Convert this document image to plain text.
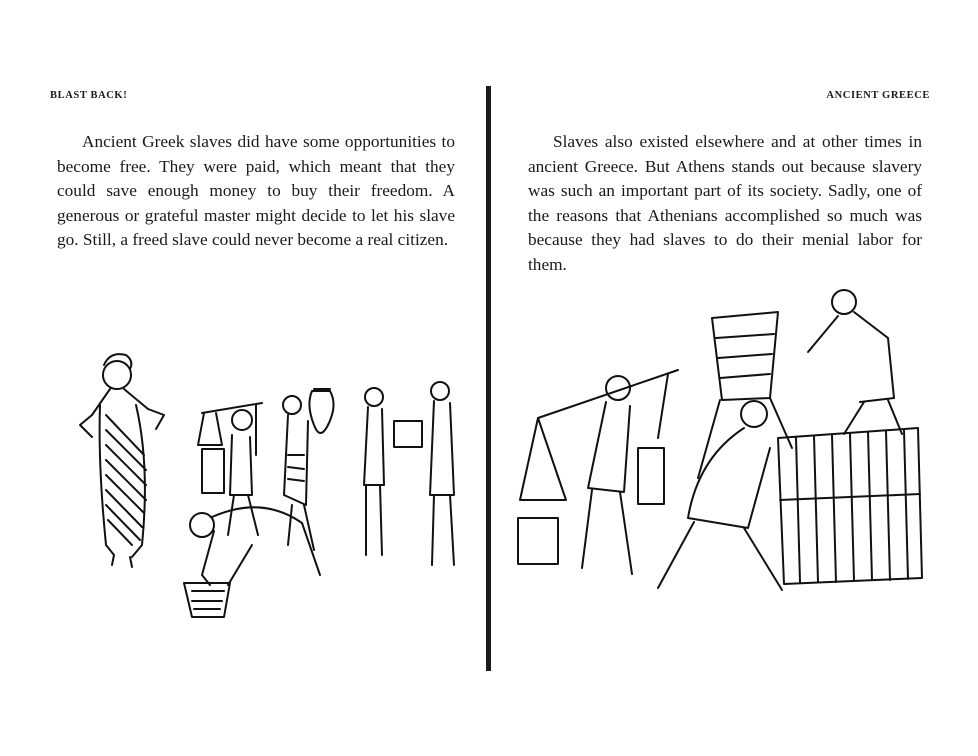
BLAST BACK!

Ancient Greek slaves did have some opportunities to become free. They were paid, which meant that they could save enough money to buy their freedom. A generous or grateful master might decide to let his slave go. Still, a freed slave could never become a real citizen.

ANCIENT GREECE

Slaves also existed elsewhere and at other times in ancient Greece. But Athens stands out because slavery was such an important part of its society. Sadly, one of the reasons that Athenians accomplished so much was because they had slaves to do their menial labor for them.
